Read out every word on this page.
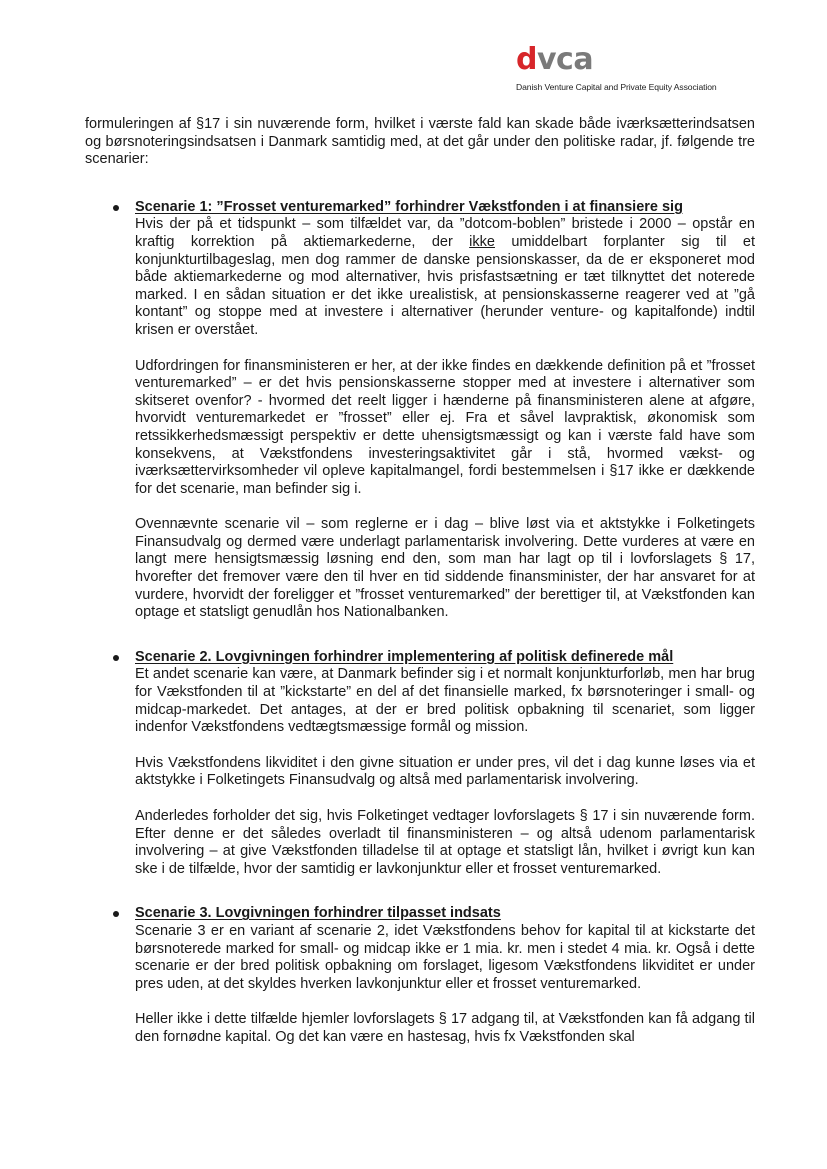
dvca
Danish Venture Capital and Private Equity Association

formuleringen af §17 i sin nuværende form, hvilket i værste fald kan skade både iværksætterindsatsen og børsnoteringsindsatsen i Danmark samtidig med, at det går under den politiske radar, jf. følgende tre scenarier:

Scenarie 1: ”Frosset venturemarked” forhindrer Vækstfonden i at finansiere sig

Hvis der på et tidspunkt – som tilfældet var, da ”dotcom-boblen” bristede i 2000 – opstår en kraftig korrektion på aktiemarkederne, der ikke umiddelbart forplanter sig til et konjunkturtilbageslag, men dog rammer de danske pensionskasser, da de er eksponeret mod både aktiemarkederne og mod alternativer, hvis prisfastsætning er tæt tilknyttet det noterede marked. I en sådan situation er det ikke urealistisk, at pensionskasserne reagerer ved at ”gå kontant” og stoppe med at investere i alternativer (herunder venture- og kapitalfonde) indtil krisen er overstået.

Udfordringen for finansministeren er her, at der ikke findes en dækkende definition på et ”frosset venturemarked” – er det hvis pensionskasserne stopper med at investere i alternativer som skitseret ovenfor? - hvormed det reelt ligger i hænderne på finansministeren alene at afgøre, hvorvidt venturemarkedet er ”frosset” eller ej. Fra et såvel lavpraktisk, økonomisk som retssikkerhedsmæssigt perspektiv er dette uhensigtsmæssigt og kan i værste fald have som konsekvens, at Vækstfondens investeringsaktivitet går i stå, hvormed vækst- og iværksættervirksomheder vil opleve kapitalmangel, fordi bestemmelsen i §17 ikke er dækkende for det scenarie, man befinder sig i.

Ovennævnte scenarie vil – som reglerne er i dag – blive løst via et aktstykke i Folketingets Finansudvalg og dermed være underlagt parlamentarisk involvering. Dette vurderes at være en langt mere hensigtsmæssig løsning end den, som man har lagt op til i lovforslagets § 17, hvorefter det fremover være den til hver en tid siddende finansminister, der har ansvaret for at vurdere, hvorvidt der foreligger et ”frosset venturemarked” der berettiger til, at Vækstfonden kan optage et statsligt genudlån hos Nationalbanken.

Scenarie 2. Lovgivningen forhindrer implementering af politisk definerede mål

Et andet scenarie kan være, at Danmark befinder sig i et normalt konjunkturforløb, men har brug for Vækstfonden til at ”kickstarte” en del af det finansielle marked, fx børsnoteringer i small- og midcap-markedet. Det antages, at der er bred politisk opbakning til scenariet, som ligger indenfor Vækstfondens vedtægtsmæssige formål og mission.

Hvis Vækstfondens likviditet i den givne situation er under pres, vil det i dag kunne løses via et aktstykke i Folketingets Finansudvalg og altså med parlamentarisk involvering.

Anderledes forholder det sig, hvis Folketinget vedtager lovforslagets § 17 i sin nuværende form. Efter denne er det således overladt til finansministeren – og altså udenom parlamentarisk involvering – at give Vækstfonden tilladelse til at optage et statsligt lån, hvilket i øvrigt kun kan ske i de tilfælde, hvor der samtidig er lavkonjunktur eller et frosset venturemarked.

Scenarie 3. Lovgivningen forhindrer tilpasset indsats

Scenarie 3 er en variant af scenarie 2, idet Vækstfondens behov for kapital til at kickstarte det børsnoterede marked for small- og midcap ikke er 1 mia. kr. men i stedet 4 mia. kr. Også i dette scenarie er der bred politisk opbakning om forslaget, ligesom Vækstfondens likviditet er under pres uden, at det skyldes hverken lavkonjunktur eller et frosset venturemarked.

Heller ikke i dette tilfælde hjemler lovforslagets § 17 adgang til, at Vækstfonden kan få adgang til den fornødne kapital. Og det kan være en hastesag, hvis fx Vækstfonden skal
